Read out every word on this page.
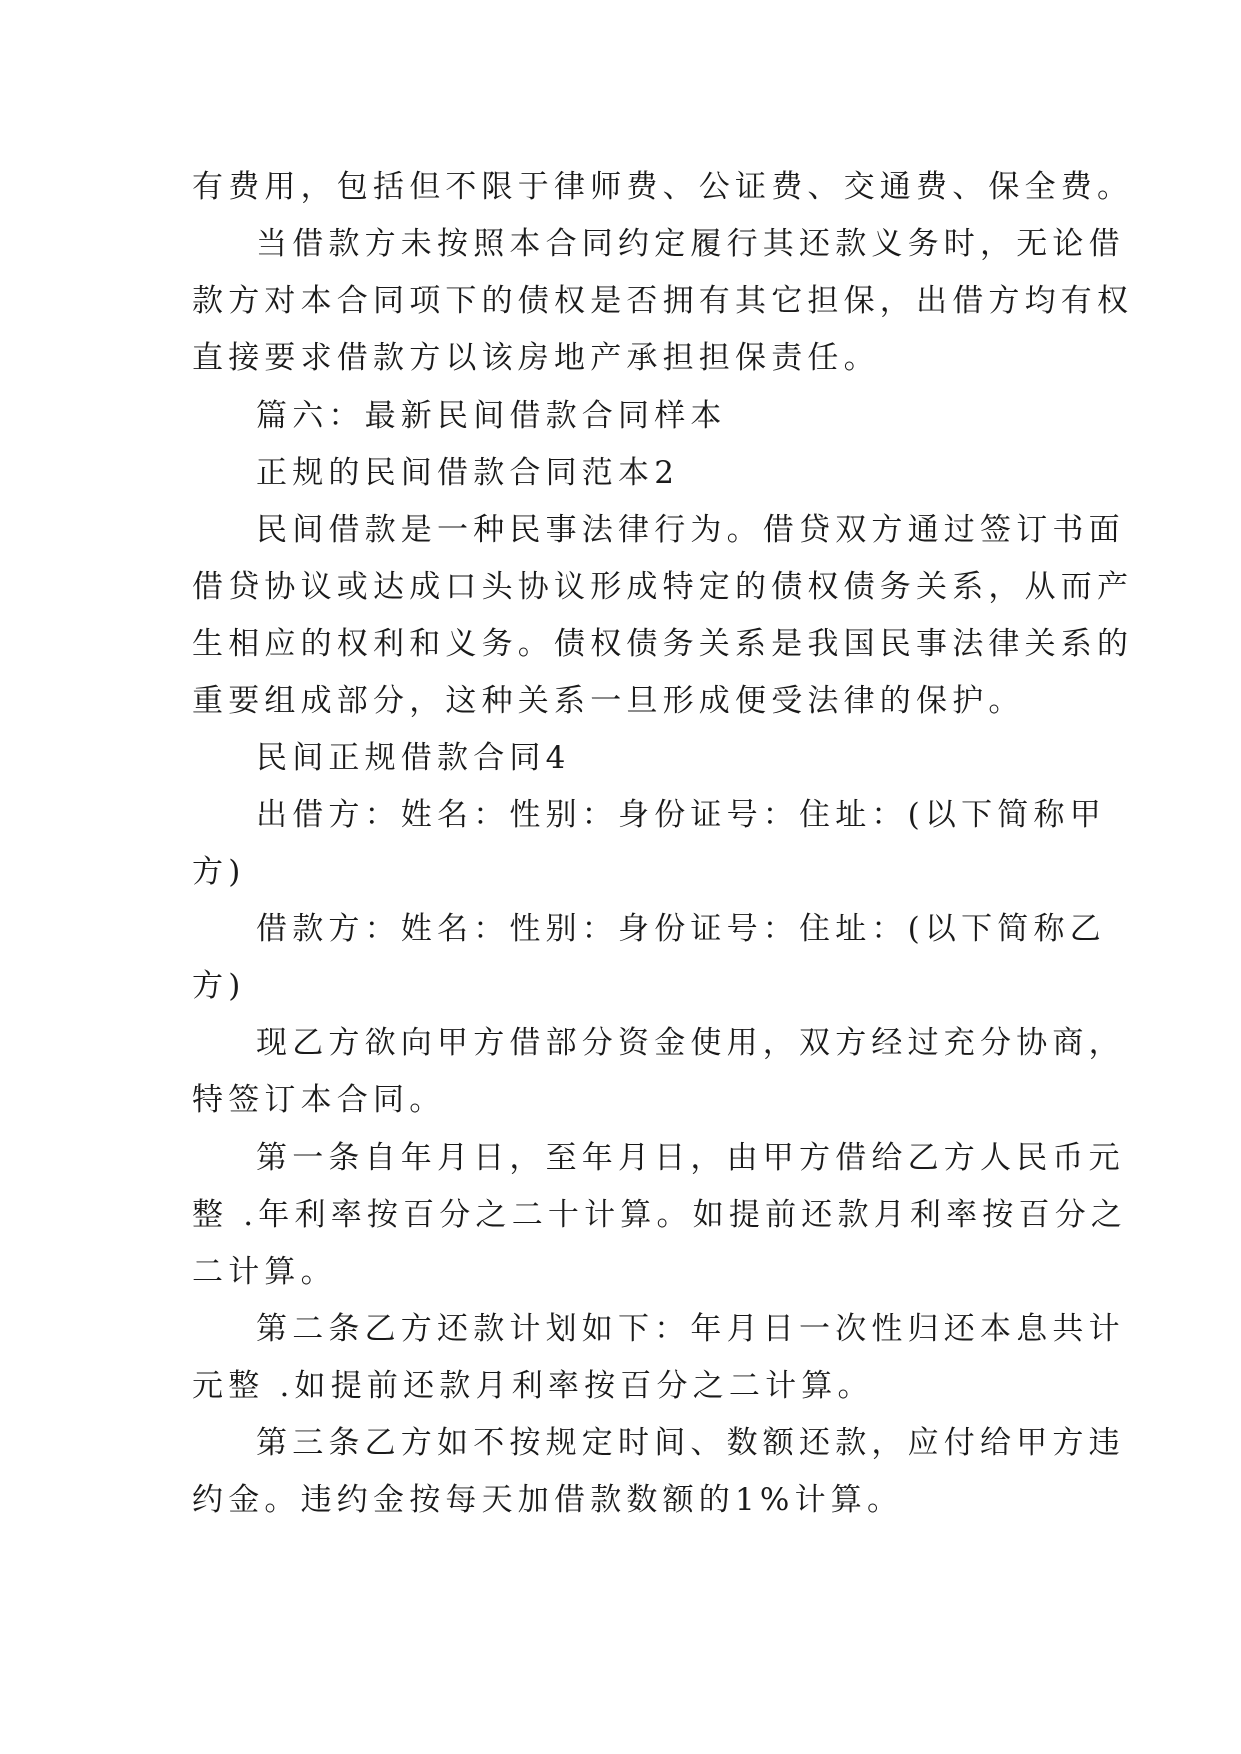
有费用，包括但不限于律师费、公证费、交通费、保全费。
当借款方未按照本合同约定履行其还款义务时，无论借
款方对本合同项下的债权是否拥有其它担保，出借方均有权
直接要求借款方以该房地产承担担保责任。
篇六：最新民间借款合同样本
正规的民间借款合同范本2
民间借款是一种民事法律行为。借贷双方通过签订书面
借贷协议或达成口头协议形成特定的债权债务关系，从而产
生相应的权利和义务。债权债务关系是我国民事法律关系的
重要组成部分，这种关系一旦形成便受法律的保护。
民间正规借款合同4
出借方：姓名：性别：身份证号：住址：(以下简称甲
方)
借款方：姓名：性别：身份证号：住址：(以下简称乙
方)
现乙方欲向甲方借部分资金使用，双方经过充分协商，
特签订本合同。
第一条自年月日，至年月日，由甲方借给乙方人民币元
整 .年利率按百分之二十计算。如提前还款月利率按百分之
二计算。
第二条乙方还款计划如下：年月日一次性归还本息共计
元整 .如提前还款月利率按百分之二计算。
第三条乙方如不按规定时间、数额还款，应付给甲方违
约金。违约金按每天加借款数额的1%计算。
